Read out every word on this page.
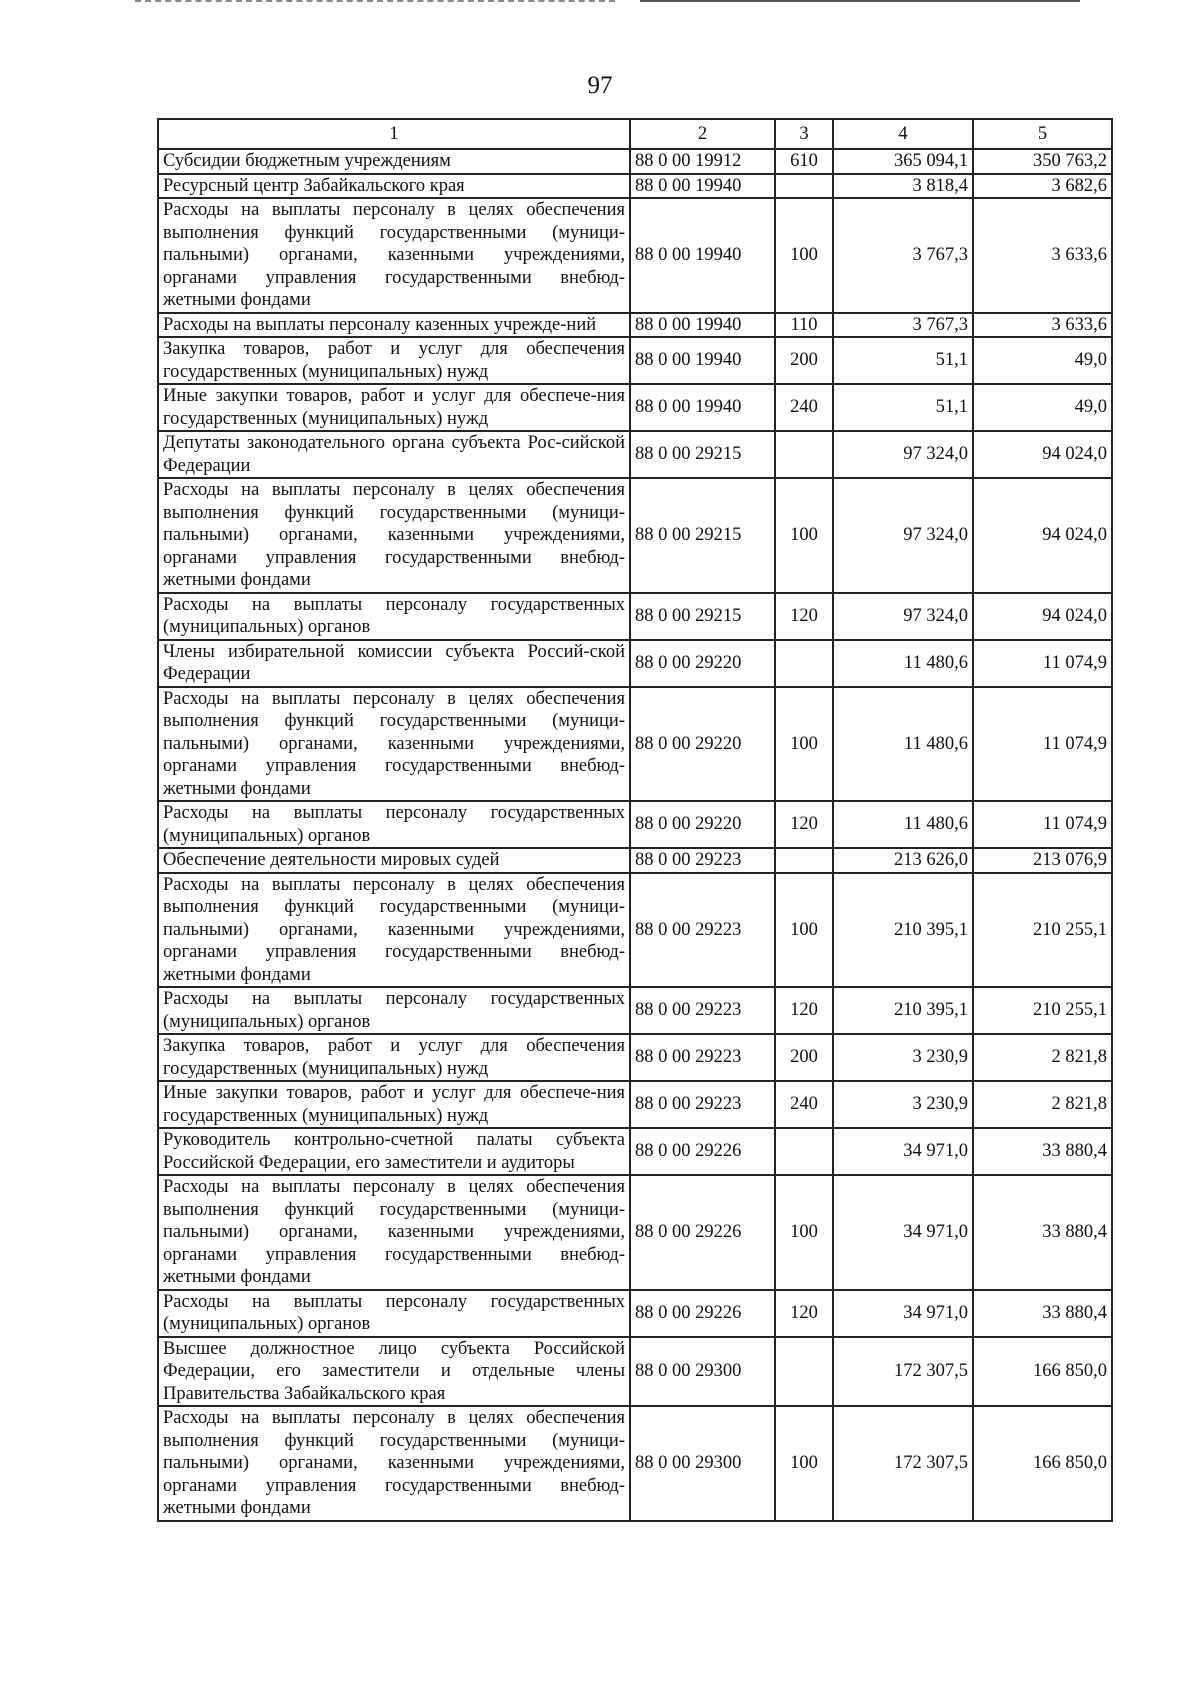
97
1	2	3	4	5
Субсидии бюджетным учреждениям	88 0 00 19912	610	365 094,1	350 763,2
Ресурсный центр Забайкальского края	88 0 00 19940		3 818,4	3 682,6
Расходы на выплаты персоналу в целях обеспечения выполнения функций государственными (муници-пальными) органами, казенными учреждениями, органами управления государственными внебюд-жетными фондами	88 0 00 19940	100	3 767,3	3 633,6
Расходы на выплаты персоналу казенных учрежде-ний	88 0 00 19940	110	3 767,3	3 633,6
Закупка товаров, работ и услуг для обеспечения государственных (муниципальных) нужд	88 0 00 19940	200	51,1	49,0
Иные закупки товаров, работ и услуг для обеспече-ния государственных (муниципальных) нужд	88 0 00 19940	240	51,1	49,0
Депутаты законодательного органа субъекта Рос-сийской Федерации	88 0 00 29215		97 324,0	94 024,0
Расходы на выплаты персоналу в целях обеспечения выполнения функций государственными (муници-пальными) органами, казенными учреждениями, органами управления государственными внебюд-жетными фондами	88 0 00 29215	100	97 324,0	94 024,0
Расходы на выплаты персоналу государственных (муниципальных) органов	88 0 00 29215	120	97 324,0	94 024,0
Члены избирательной комиссии субъекта Россий-ской Федерации	88 0 00 29220		11 480,6	11 074,9
Расходы на выплаты персоналу в целях обеспечения выполнения функций государственными (муници-пальными) органами, казенными учреждениями, органами управления государственными внебюд-жетными фондами	88 0 00 29220	100	11 480,6	11 074,9
Расходы на выплаты персоналу государственных (муниципальных) органов	88 0 00 29220	120	11 480,6	11 074,9
Обеспечение деятельности мировых судей	88 0 00 29223		213 626,0	213 076,9
Расходы на выплаты персоналу в целях обеспечения выполнения функций государственными (муници-пальными) органами, казенными учреждениями, органами управления государственными внебюд-жетными фондами	88 0 00 29223	100	210 395,1	210 255,1
Расходы на выплаты персоналу государственных (муниципальных) органов	88 0 00 29223	120	210 395,1	210 255,1
Закупка товаров, работ и услуг для обеспечения государственных (муниципальных) нужд	88 0 00 29223	200	3 230,9	2 821,8
Иные закупки товаров, работ и услуг для обеспече-ния государственных (муниципальных) нужд	88 0 00 29223	240	3 230,9	2 821,8
Руководитель контрольно-счетной палаты субъекта Российской Федерации, его заместители и аудиторы	88 0 00 29226		34 971,0	33 880,4
Расходы на выплаты персоналу в целях обеспечения выполнения функций государственными (муници-пальными) органами, казенными учреждениями, органами управления государственными внебюд-жетными фондами	88 0 00 29226	100	34 971,0	33 880,4
Расходы на выплаты персоналу государственных (муниципальных) органов	88 0 00 29226	120	34 971,0	33 880,4
Высшее должностное лицо субъекта Российской Федерации, его заместители и отдельные члены Правительства Забайкальского края	88 0 00 29300		172 307,5	166 850,0
Расходы на выплаты персоналу в целях обеспечения выполнения функций государственными (муници-пальными) органами, казенными учреждениями, органами управления государственными внебюд-жетными фондами	88 0 00 29300	100	172 307,5	166 850,0
